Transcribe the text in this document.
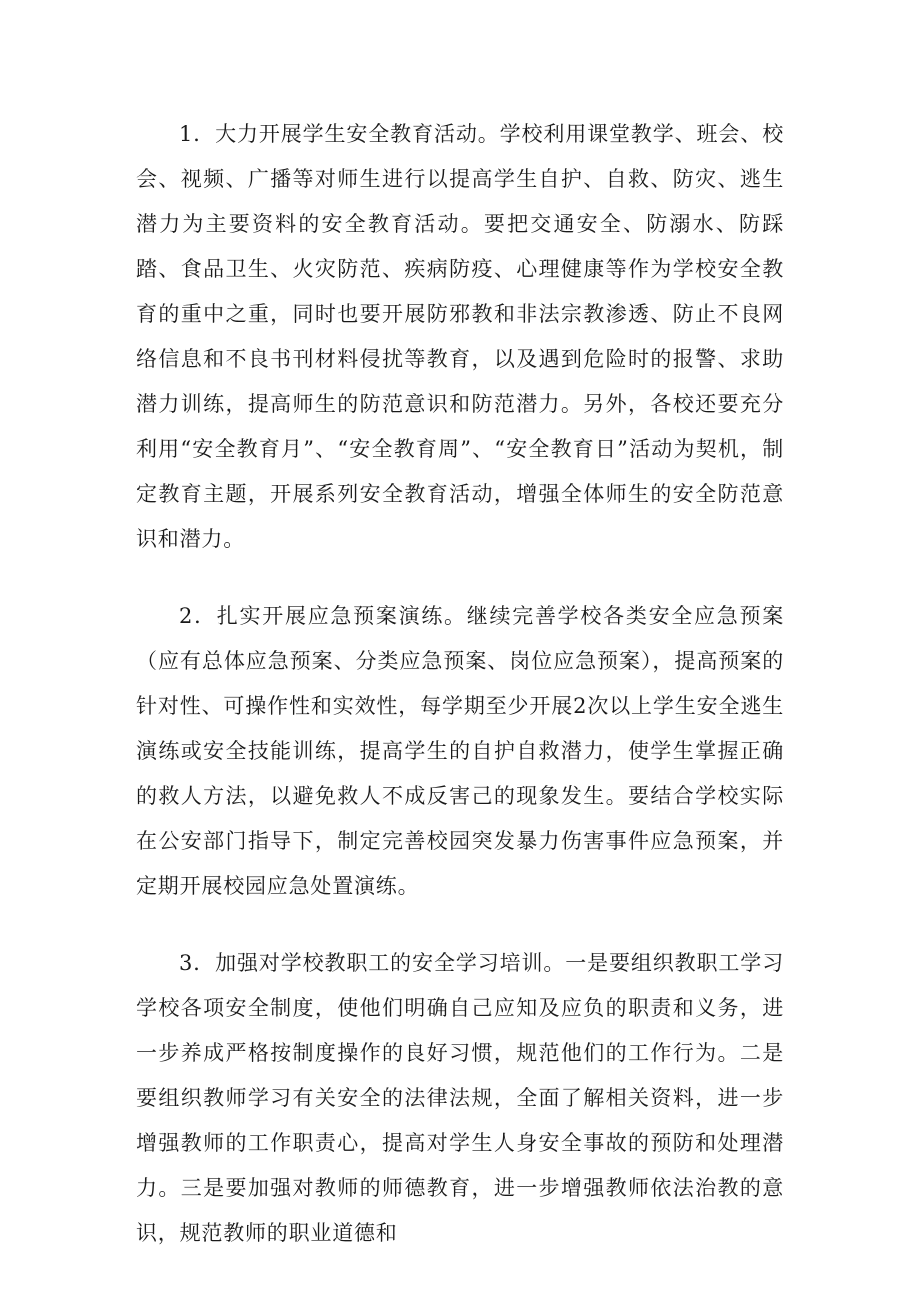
1．大力开展学生安全教育活动。学校利用课堂教学、班会、校会、视频、广播等对师生进行以提高学生自护、自救、防灾、逃生潜力为主要资料的安全教育活动。要把交通安全、防溺水、防踩踏、食品卫生、火灾防范、疾病防疫、心理健康等作为学校安全教育的重中之重，同时也要开展防邪教和非法宗教渗透、防止不良网络信息和不良书刊材料侵扰等教育，以及遇到危险时的报警、求助潜力训练，提高师生的防范意识和防范潜力。另外，各校还要充分利用“安全教育月”、“安全教育周”、“安全教育日”活动为契机，制定教育主题，开展系列安全教育活动，增强全体师生的安全防范意识和潜力。

2．扎实开展应急预案演练。继续完善学校各类安全应急预案（应有总体应急预案、分类应急预案、岗位应急预案），提高预案的针对性、可操作性和实效性，每学期至少开展2次以上学生安全逃生演练或安全技能训练，提高学生的自护自救潜力，使学生掌握正确的救人方法，以避免救人不成反害己的现象发生。要结合学校实际在公安部门指导下，制定完善校园突发暴力伤害事件应急预案，并定期开展校园应急处置演练。

3．加强对学校教职工的安全学习培训。一是要组织教职工学习学校各项安全制度，使他们明确自己应知及应负的职责和义务，进一步养成严格按制度操作的良好习惯，规范他们的工作行为。二是要组织教师学习有关安全的法律法规，全面了解相关资料，进一步增强教师的工作职责心，提高对学生人身安全事故的预防和处理潜力。三是要加强对教师的师德教育，进一步增强教师依法治教的意识，规范教师的职业道德和
